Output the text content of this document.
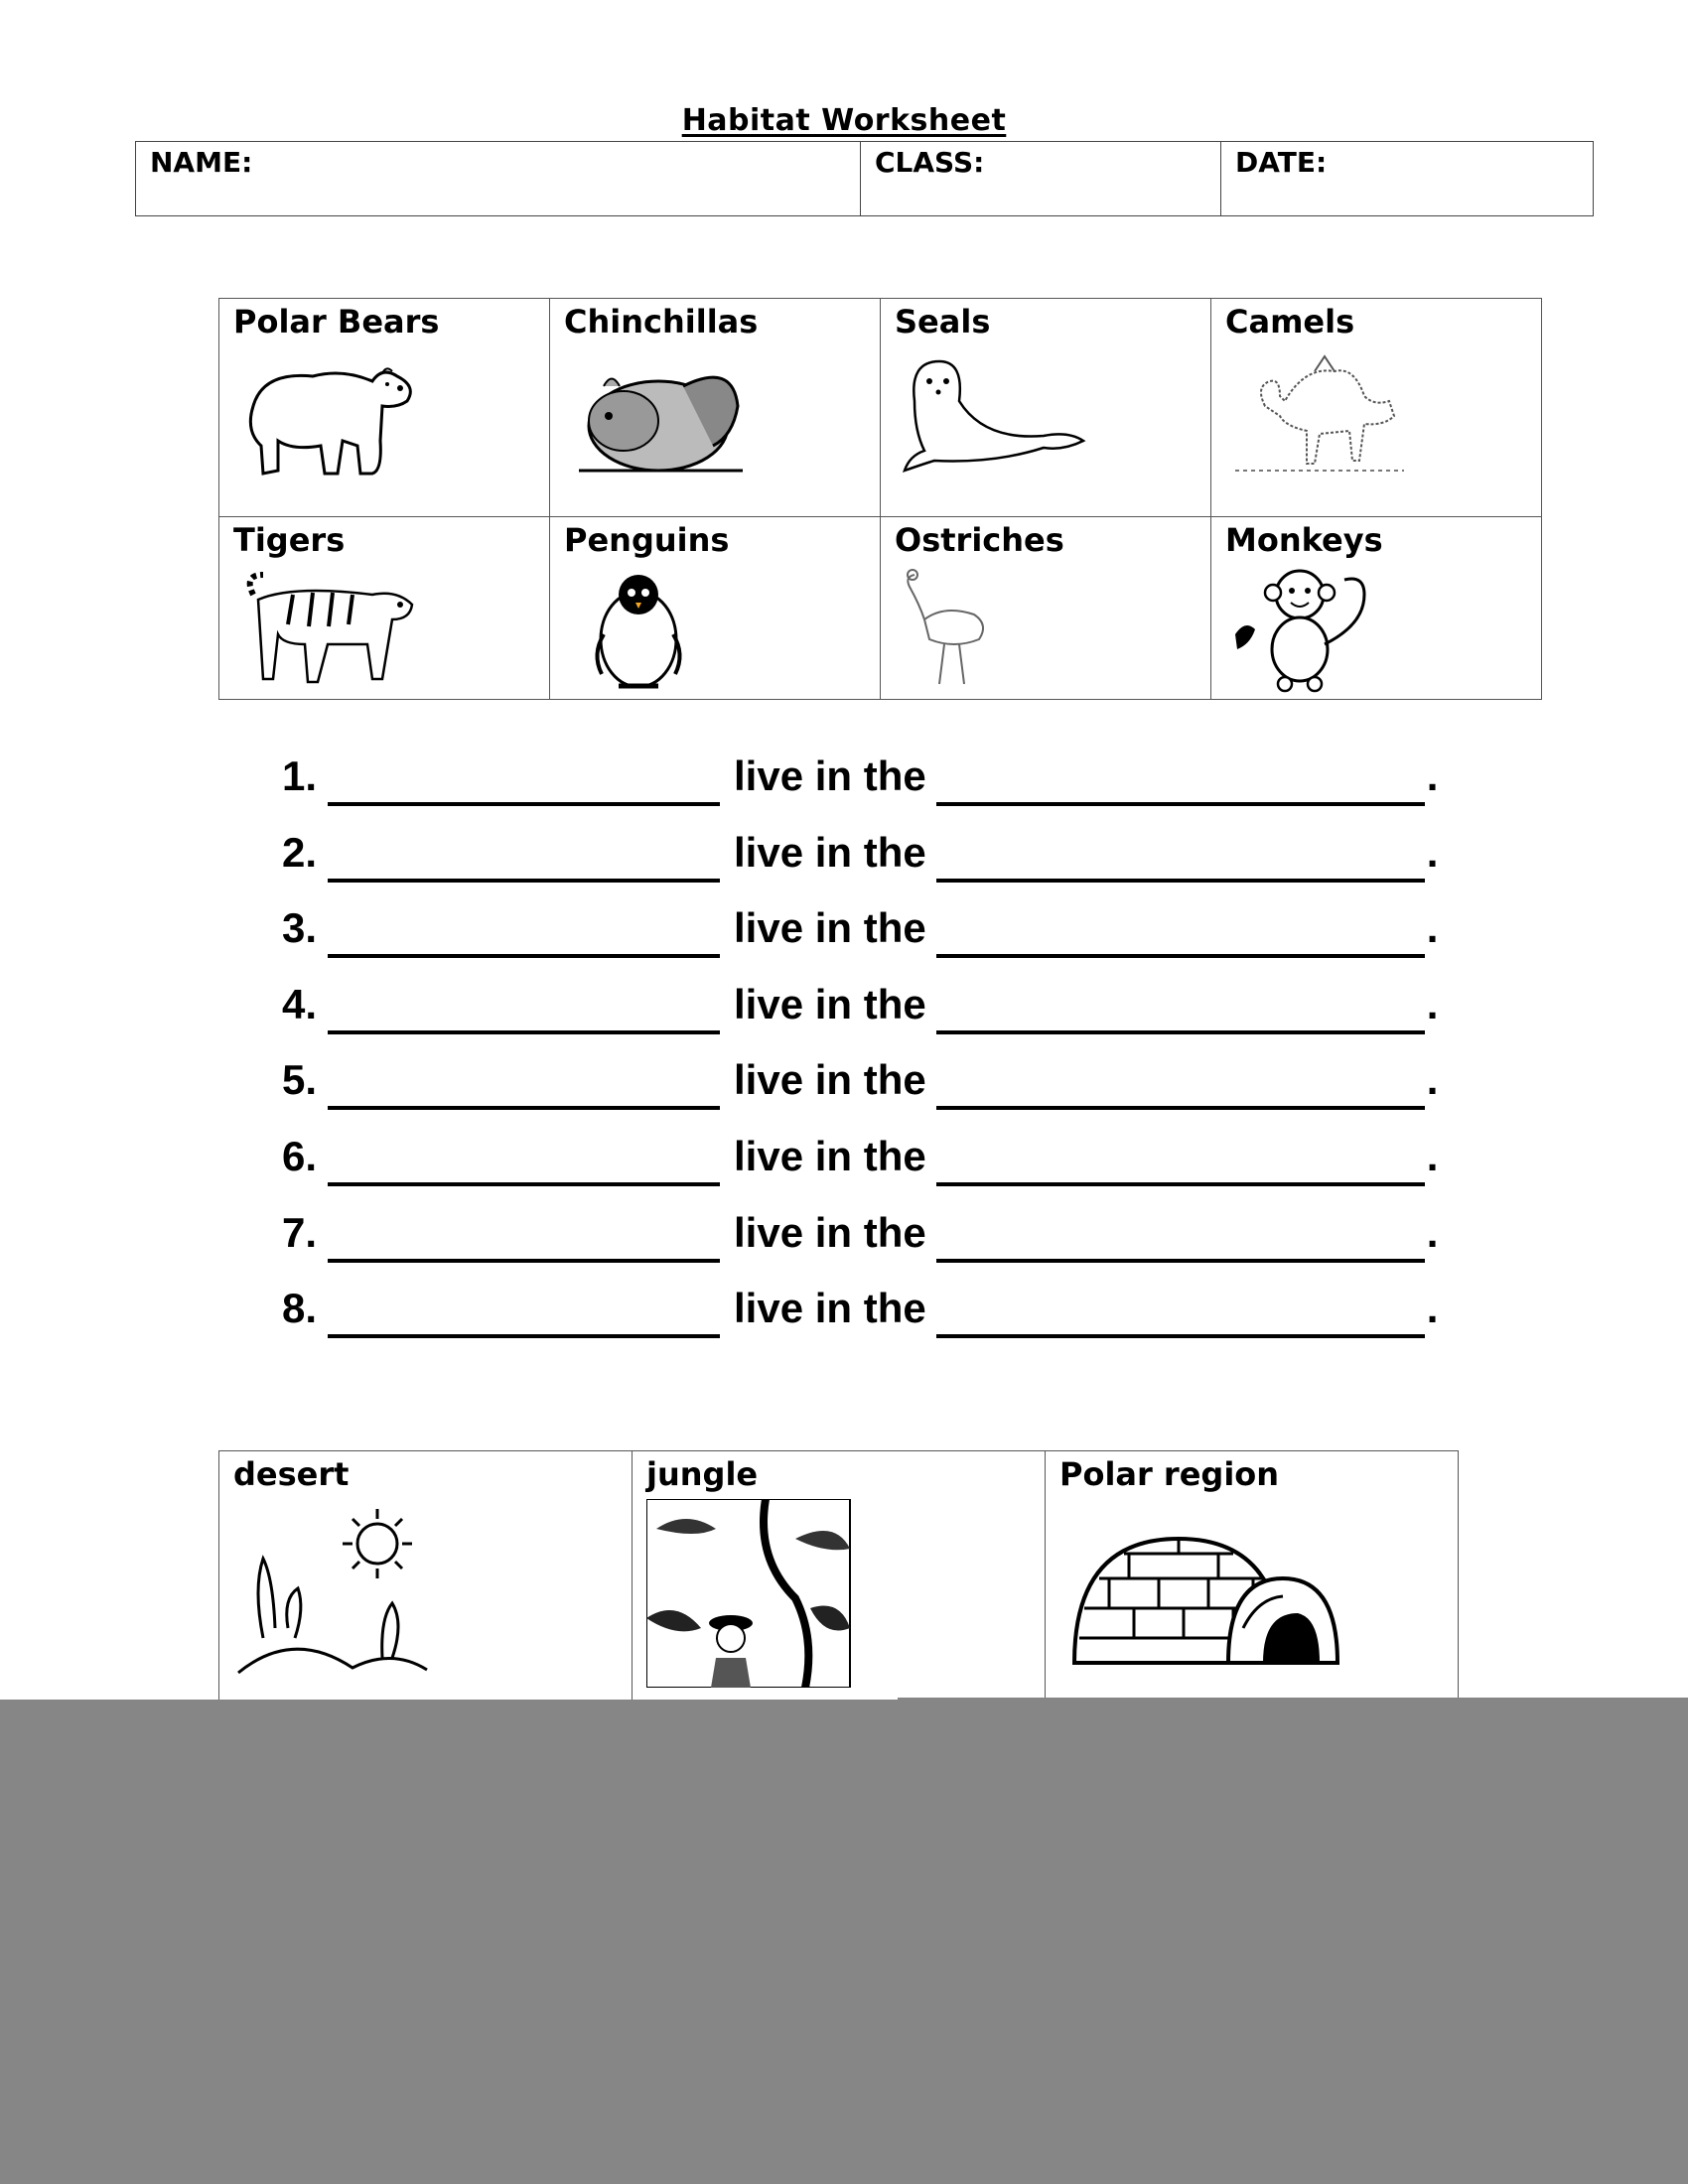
Habitat Worksheet
NAME:	CLASS:	DATE:
Polar Bears	Chinchillas	Seals	Camels

Tigers	Penguins	Ostriches	Monkeys
1.	live in the	.
2.	live in the	.
3.	live in the	.
4.	live in the	.
5.	live in the	.
6.	live in the	.
7.	live in the	.
8.	live in the	.
desert	jungle	Polar region
